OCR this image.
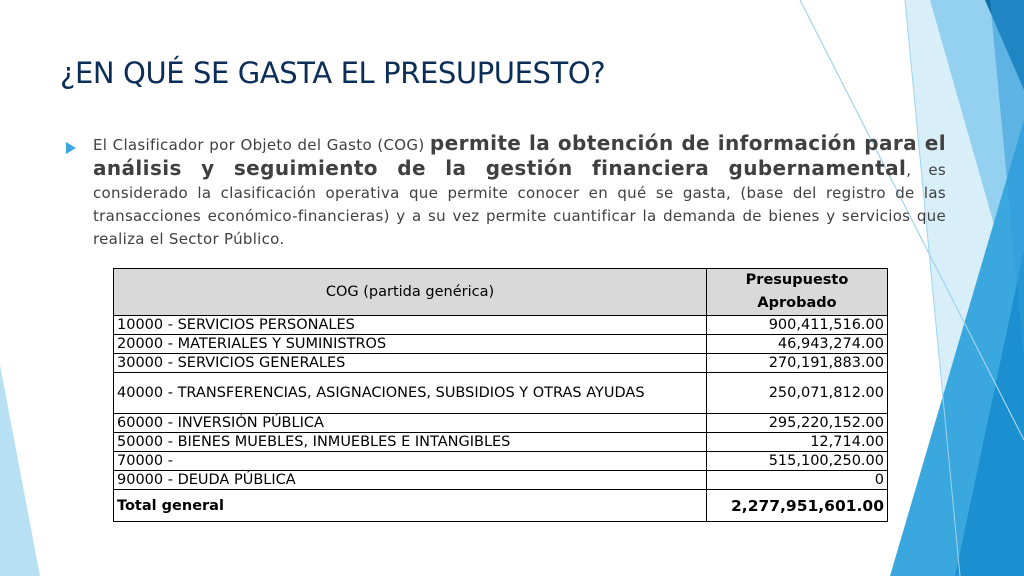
¿EN QUÉ SE GASTA EL PRESUPUESTO?
El Clasificador por Objeto del Gasto (COG) permite la obtención de información para el análisis y seguimiento de la gestión financiera gubernamental, es considerado la clasificación operativa que permite conocer en qué se gasta, (base del registro de las transacciones económico-financieras) y a su vez permite cuantificar la demanda de bienes y servicios que realiza el Sector Público.
COG (partida genérica)	Presupuesto
Aprobado
10000 - SERVICIOS PERSONALES	900,411,516.00
20000 - MATERIALES Y SUMINISTROS	46,943,274.00
30000 - SERVICIOS GENERALES	270,191,883.00
40000 - TRANSFERENCIAS, ASIGNACIONES, SUBSIDIOS Y OTRAS AYUDAS	250,071,812.00
60000 - INVERSIÓN PÚBLICA	295,220,152.00
50000 - BIENES MUEBLES, INMUEBLES E INTANGIBLES	12,714.00
70000 -	515,100,250.00
90000 - DEUDA PÚBLICA	0
Total general	2,277,951,601.00
